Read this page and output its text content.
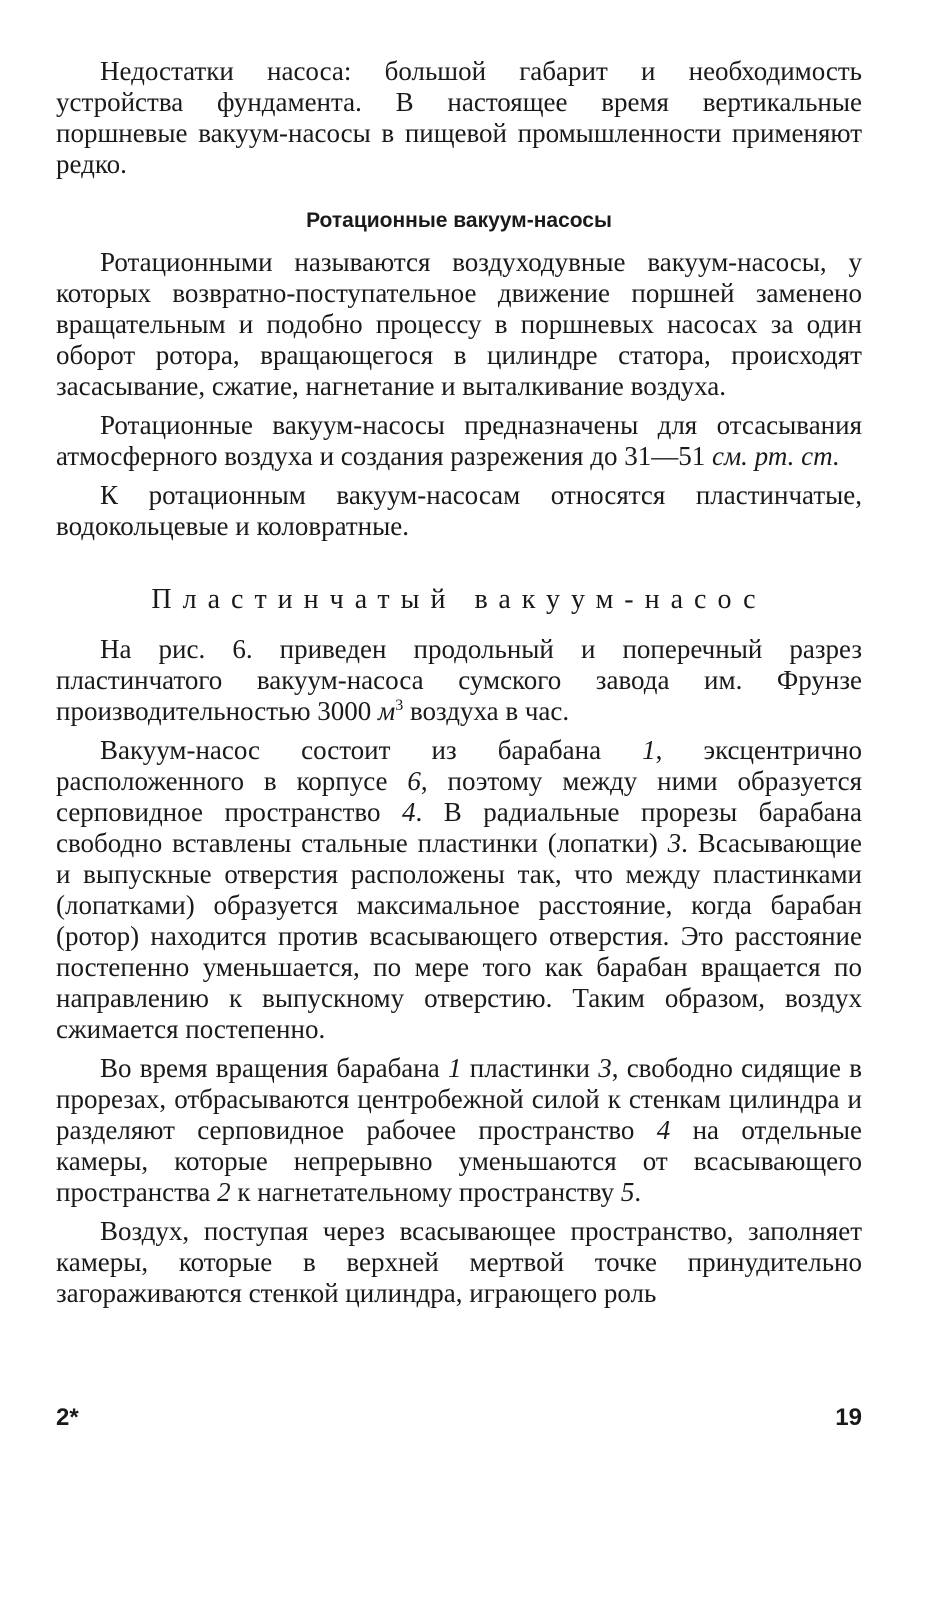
Недостатки насоса: большой габарит и необходимость устройства фундамента. В настоящее время вертикальные поршневые вакуум-насосы в пищевой промышленности применяют редко.

Ротационные вакуум-насосы

Ротационными называются воздуходувные вакуум-насосы, у которых возвратно-поступательное движение поршней заменено вращательным и подобно процессу в поршневых насосах за один оборот ротора, вращающегося в цилиндре статора, происходят засасывание, сжатие, нагнетание и выталкивание воздуха.

Ротационные вакуум-насосы предназначены для отсасывания атмосферного воздуха и создания разрежения до 31—51 см. рт. ст.

К ротационным вакуум-насосам относятся пластинчатые, водокольцевые и коловратные.

Пластинчатый вакуум-насос

На рис. 6. приведен продольный и поперечный разрез пластинчатого вакуум-насоса сумского завода им. Фрунзе производительностью 3000 $м^3$ воздуха в час.

Вакуум-насос состоит из барабана 1, эксцентрично расположенного в корпусе 6, поэтому между ними образуется серповидное пространство 4. В радиальные прорезы барабана свободно вставлены стальные пластинки (лопатки) 3. Всасывающие и выпускные отверстия расположены так, что между пластинками (лопатками) образуется максимальное расстояние, когда барабан (ротор) находится против всасывающего отверстия. Это расстояние постепенно уменьшается, по мере того как барабан вращается по направлению к выпускному отверстию. Таким образом, воздух сжимается постепенно.

Во время вращения барабана 1 пластинки 3, свободно сидящие в прорезах, отбрасываются центробежной силой к стенкам цилиндра и разделяют серповидное рабочее пространство 4 на отдельные камеры, которые непрерывно уменьшаются от всасывающего пространства 2 к нагнетательному пространству 5.

Воздух, поступая через всасывающее пространство, заполняет камеры, которые в верхней мертвой точке принудительно загораживаются стенкой цилиндра, играющего роль

2*	19
